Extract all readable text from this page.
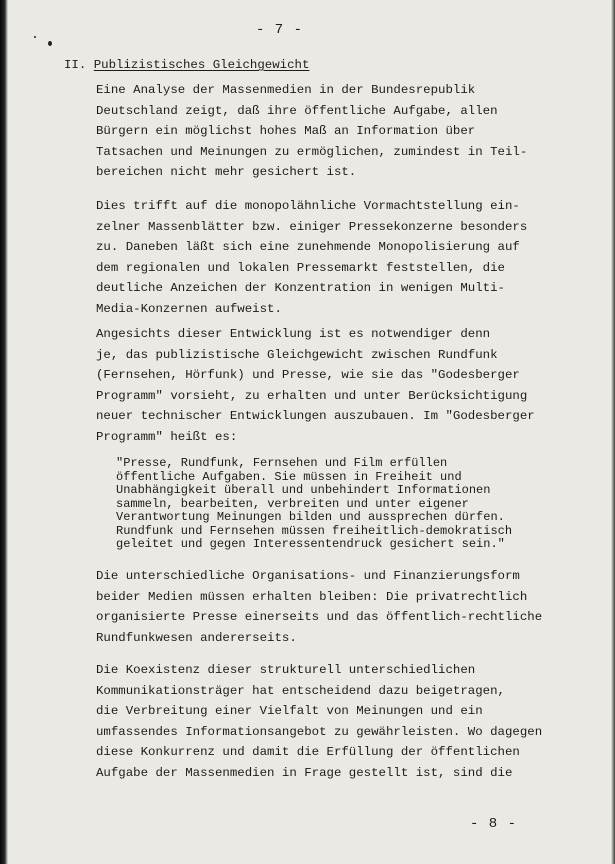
- 7 -
II. Publizistisches Gleichgewicht

Eine Analyse der Massenmedien in der Bundesrepublik
Deutschland zeigt, daß ihre öffentliche Aufgabe, allen
Bürgern ein möglichst hohes Maß an Information über
Tatsachen und Meinungen zu ermöglichen, zumindest in Teil-
bereichen nicht mehr gesichert ist.

Dies trifft auf die monopolähnliche Vormachtstellung ein-
zelner Massenblätter bzw. einiger Pressekonzerne besonders
zu. Daneben läßt sich eine zunehmende Monopolisierung auf
dem regionalen und lokalen Pressemarkt feststellen, die
deutliche Anzeichen der Konzentration in wenigen Multi-
Media-Konzernen aufweist.

Angesichts dieser Entwicklung ist es notwendiger denn
je, das publizistische Gleichgewicht zwischen Rundfunk
(Fernsehen, Hörfunk) und Presse, wie sie das "Godesberger
Programm" vorsieht, zu erhalten und unter Berücksichtigung
neuer technischer Entwicklungen auszubauen. Im "Godesberger
Programm" heißt es:

"Presse, Rundfunk, Fernsehen und Film erfüllen
öffentliche Aufgaben. Sie müssen in Freiheit und
Unabhängigkeit überall und unbehindert Informationen
sammeln, bearbeiten, verbreiten und unter eigener
Verantwortung Meinungen bilden und aussprechen dürfen.
Rundfunk und Fernsehen müssen freiheitlich-demokratisch
geleitet und gegen Interessentendruck gesichert sein."

Die unterschiedliche Organisations- und Finanzierungsform
beider Medien müssen erhalten bleiben: Die privatrechtlich
organisierte Presse einerseits und das öffentlich-rechtliche
Rundfunkwesen andererseits.

Die Koexistenz dieser strukturell unterschiedlichen
Kommunikationsträger hat entscheidend dazu beigetragen,
die Verbreitung einer Vielfalt von Meinungen und ein
umfassendes Informationsangebot zu gewährleisten. Wo dagegen
diese Konkurrenz und damit die Erfüllung der öffentlichen
Aufgabe der Massenmedien in Frage gestellt ist, sind die

- 8 -
